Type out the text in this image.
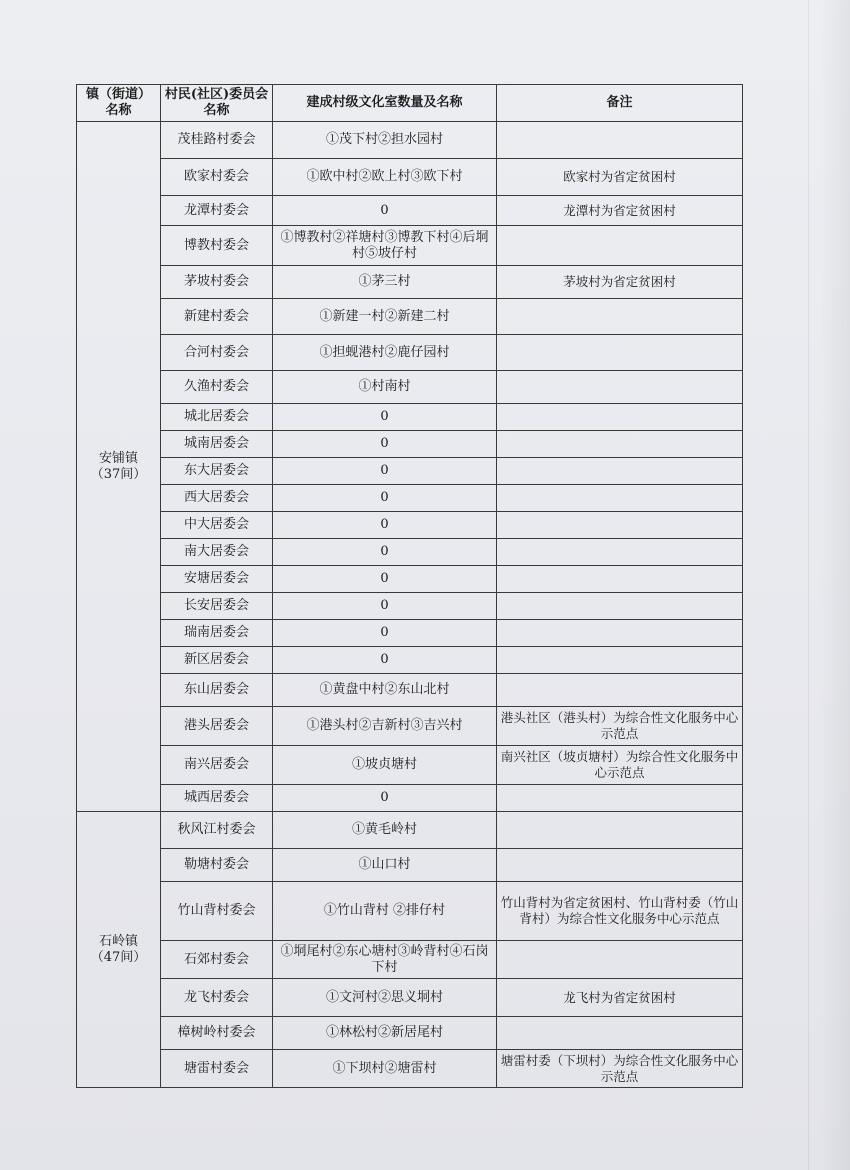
镇（街道）名称	村民(社区)委员会名称	建成村级文化室数量及名称	备注

安铺镇
（37间）	茂桂路村委会	①茂下村②担水园村	
	欧家村委会	①欧中村②欧上村③欧下村	欧家村为省定贫困村
	龙潭村委会	0	龙潭村为省定贫困村
	博教村委会	①博教村②祥塘村③博教下村④后垌村⑤坡仔村	
	茅坡村委会	①茅三村	茅坡村为省定贫困村
	新建村委会	①新建一村②新建二村	
	合河村委会	①担蚬港村②鹿仔园村	
	久渔村委会	①村南村	
	城北居委会	0	
	城南居委会	0	
	东大居委会	0	
	西大居委会	0	
	中大居委会	0	
	南大居委会	0	
	安塘居委会	0	
	长安居委会	0	
	瑞南居委会	0	
	新区居委会	0	
	东山居委会	①黄盘中村②东山北村	
	港头居委会	①港头村②吉新村③吉兴村	港头社区（港头村）为综合性文化服务中心示范点
	南兴居委会	①坡贞塘村	南兴社区（坡贞塘村）为综合性文化服务中心示范点
	城西居委会	0	

石岭镇
（47间）	秋风江村委会	①黄毛岭村	
	勒塘村委会	①山口村	
	竹山背村委会	①竹山背村 ②排仔村	竹山背村为省定贫困村、竹山背村委（竹山背村）为综合性文化服务中心示范点
	石郊村委会	①垌尾村②东心塘村③岭背村④石岗下村	
	龙飞村委会	①文河村②思义垌村	龙飞村为省定贫困村
	樟树岭村委会	①林松村②新居尾村	
	塘雷村委会	①下坝村②塘雷村	塘雷村委（下坝村）为综合性文化服务中心示范点
